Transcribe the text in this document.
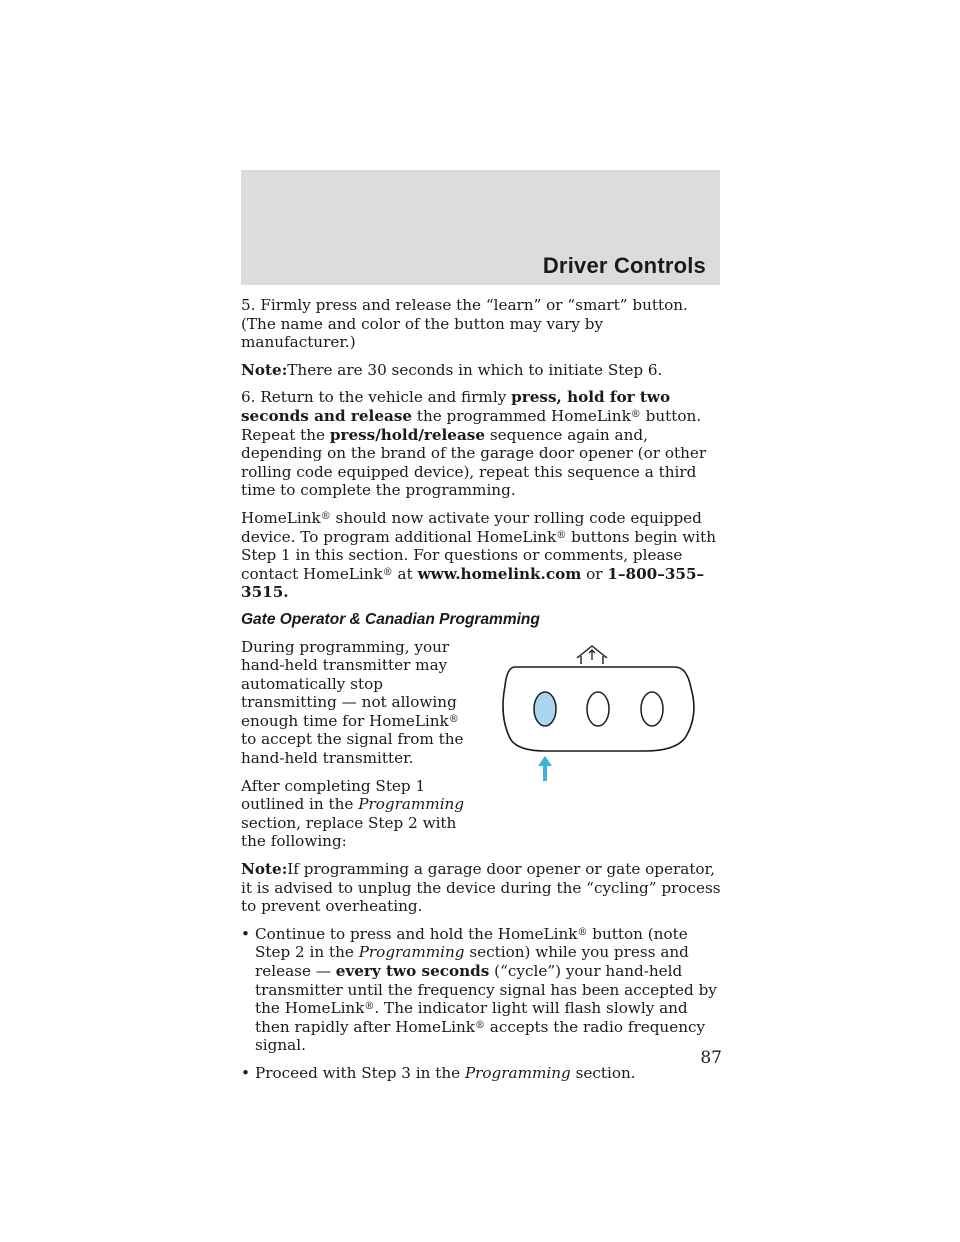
Driver Controls

5. Firmly press and release the “learn” or “smart” button. (The name and color of the button may vary by manufacturer.)

Note:There are 30 seconds in which to initiate Step 6.

6. Return to the vehicle and firmly press, hold for two seconds and release the programmed HomeLink® button. Repeat the press/hold/release sequence again and, depending on the brand of the garage door opener (or other rolling code equipped device), repeat this sequence a third time to complete the programming.

HomeLink® should now activate your rolling code equipped device. To program additional HomeLink® buttons begin with Step 1 in this section. For questions or comments, please contact HomeLink® at www.homelink.com or 1–800–355–3515.

Gate Operator & Canadian Programming

During programming, your hand-held transmitter may automatically stop transmitting — not allowing enough time for HomeLink® to accept the signal from the hand-held transmitter.

After completing Step 1 outlined in the Programming section, replace Step 2 with the following:

Note:If programming a garage door opener or gate operator, it is advised to unplug the device during the “cycling” process to prevent overheating.

• Continue to press and hold the HomeLink® button (note Step 2 in the Programming section) while you press and release — every two seconds (“cycle”) your hand-held transmitter until the frequency signal has been accepted by the HomeLink®. The indicator light will flash slowly and then rapidly after HomeLink® accepts the radio frequency signal.
• Proceed with Step 3 in the Programming section.
87
